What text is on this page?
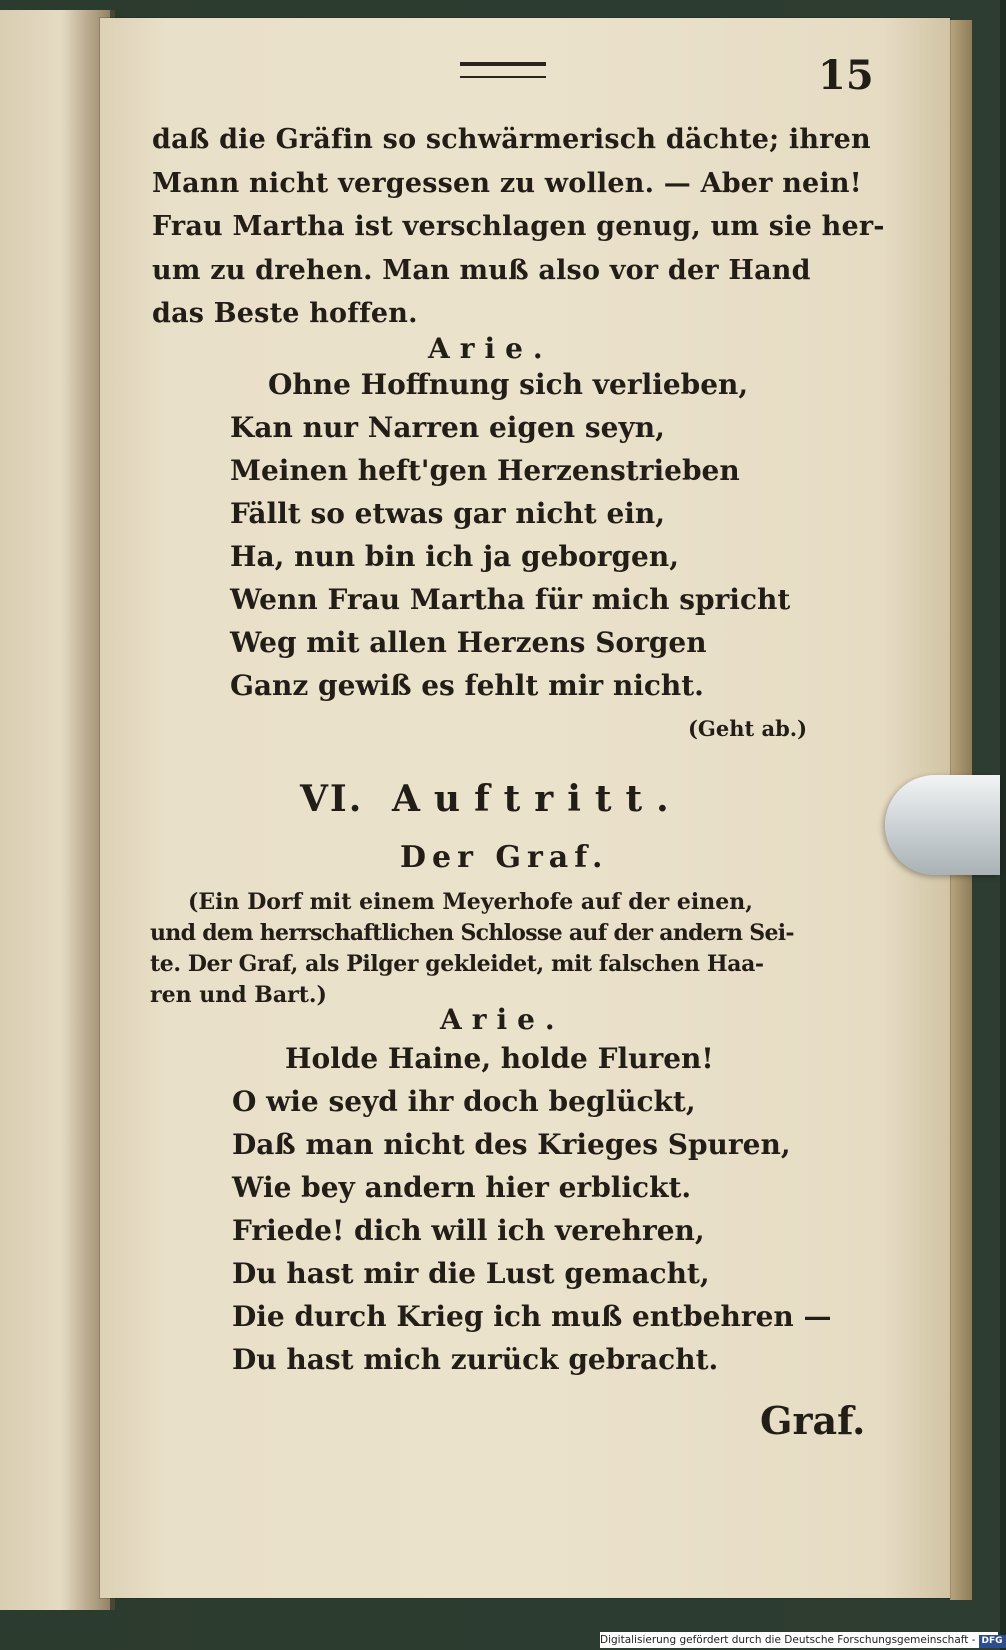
15
daß die Gräfin so schwärmerisch dächte; ihren
Mann nicht vergessen zu wollen. — Aber nein!
Frau Martha ist verschlagen genug, um sie her-
um zu drehen. Man muß also vor der Hand
das Beste hoffen.
Arie.
Ohne Hoffnung sich verlieben,
Kan nur Narren eigen seyn,
Meinen heft'gen Herzenstrieben
Fällt so etwas gar nicht ein,
Ha, nun bin ich ja geborgen,
Wenn Frau Martha für mich spricht
Weg mit allen Herzens Sorgen
Ganz gewiß es fehlt mir nicht.
(Geht ab.)
VI. Auftritt.
Der Graf.
(Ein Dorf mit einem Meyerhofe auf der einen,
und dem herrschaftlichen Schlosse auf der andern Sei-
te. Der Graf, als Pilger gekleidet, mit falschen Haa-
ren und Bart.)
Arie.
Holde Haine, holde Fluren!
O wie seyd ihr doch beglückt,
Daß man nicht des Krieges Spuren,
Wie bey andern hier erblickt.
Friede! dich will ich verehren,
Du hast mir die Lust gemacht,
Die durch Krieg ich muß entbehren —
Du hast mich zurück gebracht.
Graf.
Digitalisierung gefördert durch die Deutsche Forschungsgemeinschaft - DFG
